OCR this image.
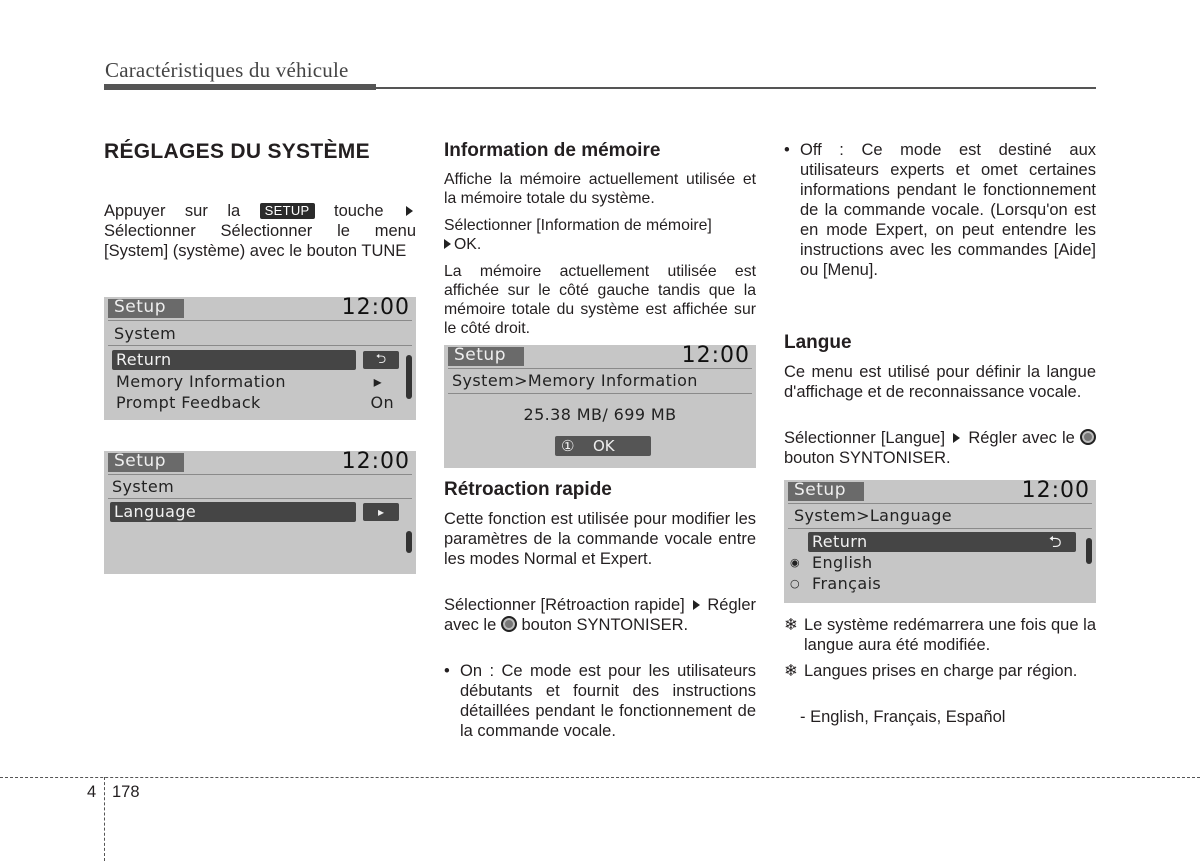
Caractéristiques du véhicule
RÉGLAGES DU SYSTÈME
Appuyer sur la SETUP touche  Sélectionner Sélectionner le menu [System] (système) avec le bouton TUNE
Setup	12:00
System
Return	⮌
Memory Information	▸
Prompt Feedback	On
Setup	12:00
System
Language	▸
Information de mémoire
Affiche la mémoire actuellement utilisée et la mémoire totale du système.
Sélectionner [Information de mémoire]
OK.
La mémoire actuellement utilisée est affichée sur le côté gauche tandis que la mémoire totale du système est affichée sur le côté droit.
Setup	12:00
System>Memory Information
25.38 MB/ 699 MB
① OK
Rétroaction rapide
Cette fonction est utilisée pour modifier les paramètres de la commande vocale entre les modes Normal et Expert.
Sélectionner [Rétroaction rapide] Régler avec le bouton SYNTONISER.
• On : Ce mode est pour les utilisateurs débutants et fournit des instructions détaillées pendant le fonctionnement de la commande vocale.
• Off : Ce mode est destiné aux utilisateurs experts et omet certaines informations pendant le fonctionnement de la commande vocale. (Lorsqu'on est en mode Expert, on peut entendre les instructions avec les commandes [Aide] ou [Menu].
Langue
Ce menu est utilisé pour définir la langue d'affichage et de reconnaissance vocale.
Sélectionner [Langue] Régler avec le  bouton SYNTONISER.
Setup	12:00
System>Language
Return	⮌
◉ English
○ Français
❄ Le système redémarrera une fois que la langue aura été modifiée.
❄ Langues prises en charge par région.
- English, Français, Español
4 178
